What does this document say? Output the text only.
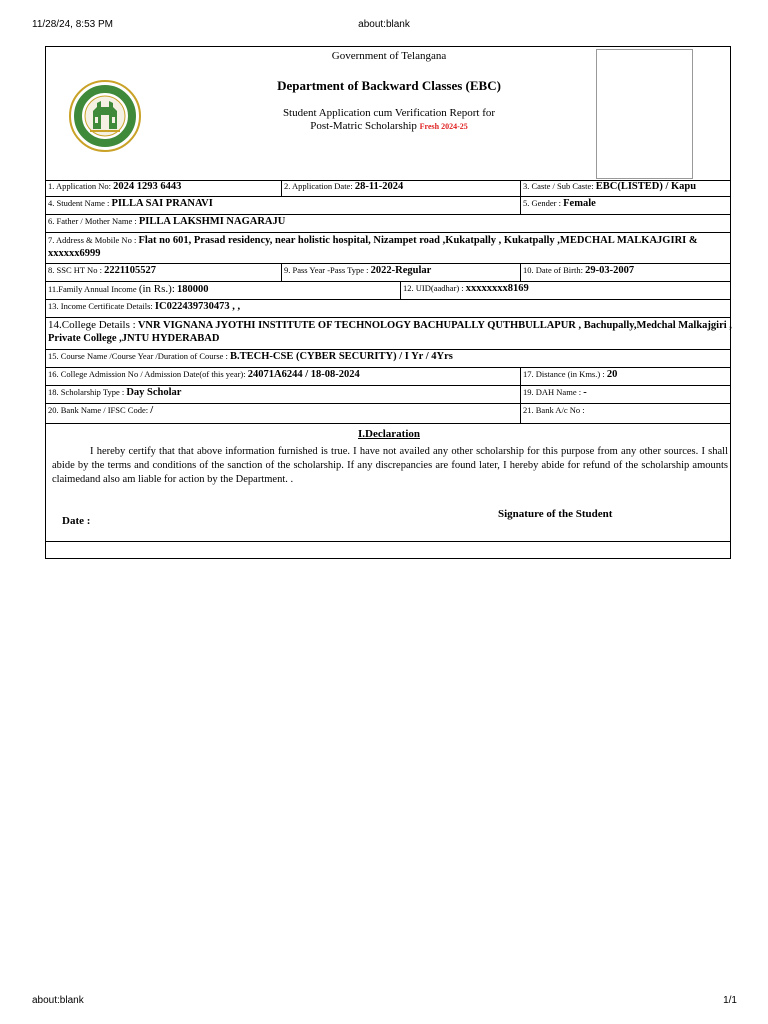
11/28/24, 8:53 PM	about:blank
Government of Telangana
Department of Backward Classes (EBC)
Student Application cum Verification Report for
Post-Matric Scholarship Fresh 2024-25
1. Application No: 2024 1293 6443	2. Application Date: 28-11-2024	3. Caste / Sub Caste: EBC(LISTED) / Kapu
4. Student Name : PILLA SAI PRANAVI	5. Gender : Female
6. Father / Mother Name : PILLA LAKSHMI NAGARAJU
7. Address & Mobile No : Flat no 601, Prasad residency, near holistic hospital, Nizampet road ,Kukatpally , Kukatpally ,MEDCHAL MALKAJGIRI & xxxxxx6999
8. SSC HT No : 2221105527	9. Pass Year -Pass Type : 2022-Regular	10. Date of Birth: 29-03-2007
11.Family Annual Income (in Rs.): 180000	12. UID(aadhar) : xxxxxxxx8169
13. Income Certificate Details: IC022439730473 , ,
14.College Details : VNR VIGNANA JYOTHI INSTITUTE OF TECHNOLOGY BACHUPALLY QUTHBULLAPUR , Bachupally,Medchal Malkajgiri , Private College ,JNTU HYDERABAD
15. Course Name /Course Year /Duration of Course : B.TECH-CSE (CYBER SECURITY) / I Yr / 4Yrs
16. College Admission No / Admission Date(of this year): 24071A6244 / 18-08-2024	17. Distance (in Kms.) : 20
18. Scholarship Type : Day Scholar	19. DAH Name : -
20. Bank Name / IFSC Code: /	21. Bank A/c No :
I.Declaration
I hereby certify that that above information furnished is true. I have not availed any other scholarship for this purpose from any other sources. I shall abide by the terms and conditions of the sanction of the scholarship. If any discrepancies are found later, I hereby abide for refund of the scholarship amounts claimedand also am liable for action by the Department. .
Date :
Signature of the Student
about:blank	1/1
